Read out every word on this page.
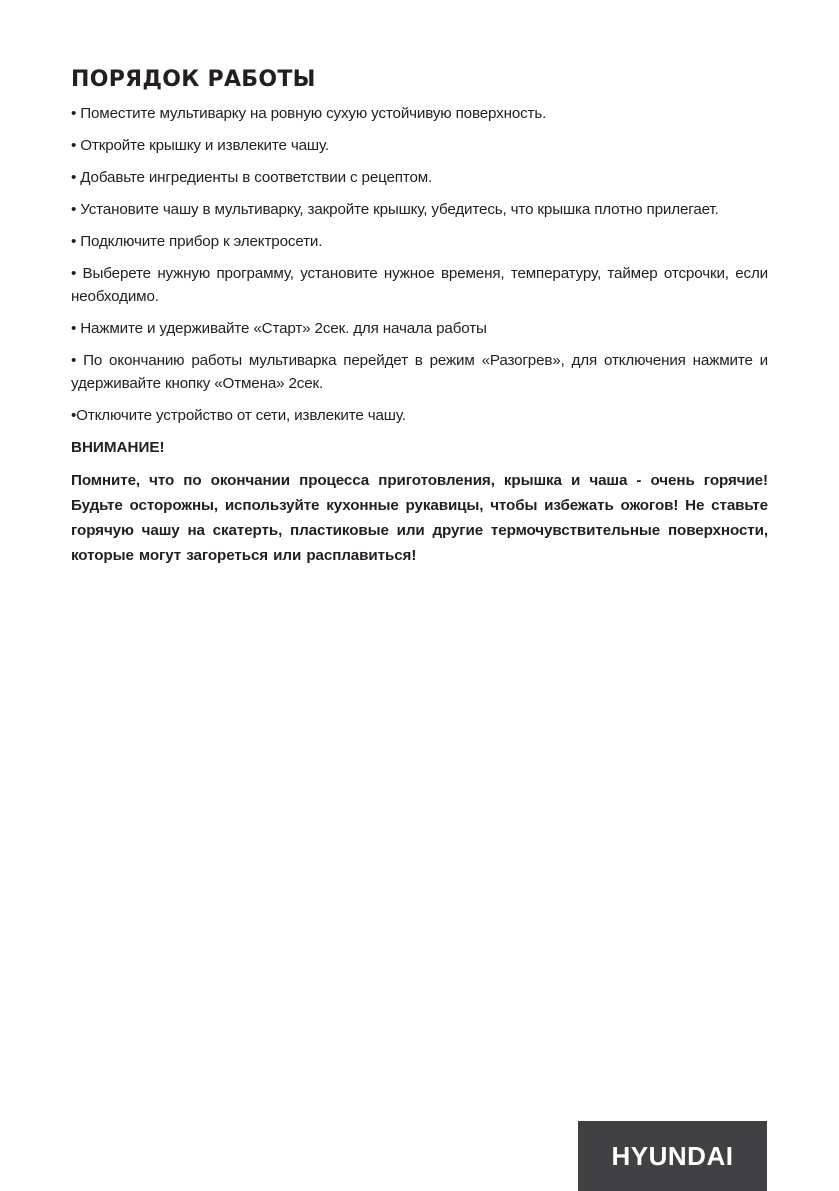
ПОРЯДОК РАБОТЫ
• Поместите мультиварку на ровную сухую устойчивую поверхность.
• Откройте крышку и извлеките чашу.
• Добавьте ингредиенты в соответствии с рецептом.
• Установите чашу в мультиварку, закройте крышку, убедитесь, что крышка плотно прилегает.
• Подключите прибор к электросети.
• Выберете нужную программу, установите нужное временя, температуру, таймер отсрочки, если необходимо.
• Нажмите и удерживайте «Старт» 2сек. для начала работы
• По окончанию работы мультиварка перейдет в режим «Разогрев», для отключения нажмите и удерживайте кнопку «Отмена» 2сек.
•Отключите устройство от сети, извлеките чашу.
ВНИМАНИЕ!

Помните, что по окончании процесса приготовления, крышка и чаша - очень горячие! Будьте осторожны, используйте кухонные рукавицы, чтобы избежать ожогов! Не ставьте горячую чашу на скатерть, пластиковые или другие термочувствительные поверхности, которые могут загореться или расплавиться!

HYUNDAI
